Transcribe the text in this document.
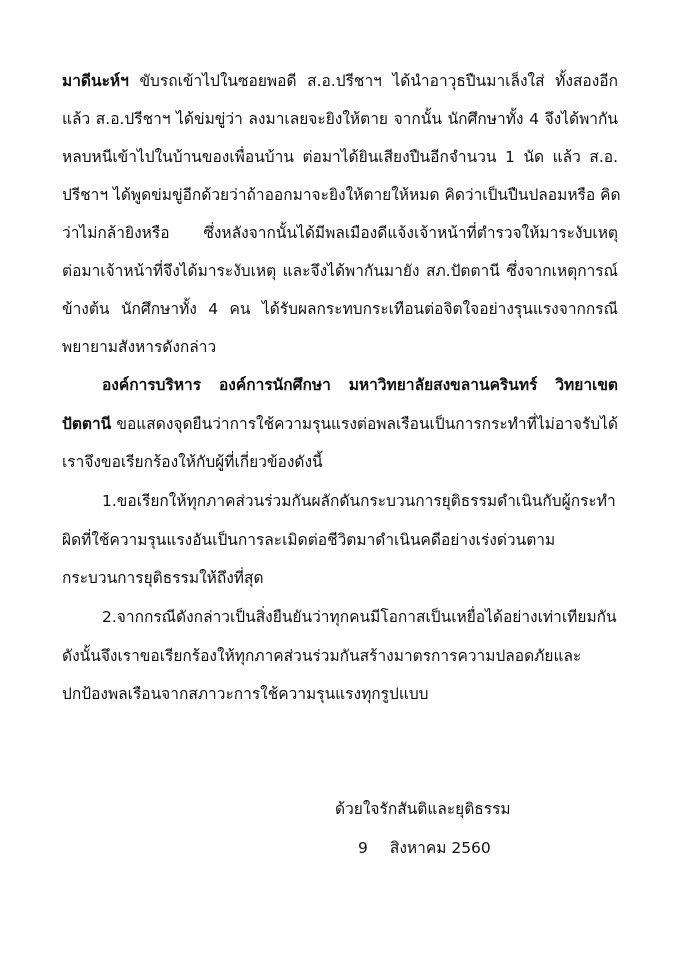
มาดีนะห์ฯ ขับรถเข้าไปในซอยพอดี ส.อ.ปรีชาฯ ได้นำอาวุธปืนมาเล็งใส่ ทั้งสองอีก
แล้ว ส.อ.ปรีชาฯ ได้ข่มขู่ว่า ลงมาเลยจะยิงให้ตาย จากนั้น นักศึกษาทั้ง 4 จึงได้พากัน
หลบหนีเข้าไปในบ้านของเพื่อนบ้าน ต่อมาได้ยินเสียงปืนอีกจำนวน 1 นัด แล้ว ส.อ.
ปรีชาฯ ได้พูดข่มขู่อีกด้วยว่าถ้าออกมาจะยิงให้ตายให้หมด คิดว่าเป็นปืนปลอมหรือ คิด
ว่าไม่กล้ายิงหรือ ซึ่งหลังจากนั้นได้มีพลเมืองดีแจ้งเจ้าหน้าที่ตำรวจให้มาระงับเหตุ
ต่อมาเจ้าหน้าที่จึงได้มาระงับเหตุ และจึงได้พากันมายัง สภ.ปัตตานี ซึ่งจากเหตุการณ์
ข้างต้น นักศึกษาทั้ง 4 คน ได้รับผลกระทบกระเทือนต่อจิตใจอย่างรุนแรงจากกรณี
พยายามสังหารดังกล่าว
องค์การบริหาร องค์การนักศึกษา มหาวิทยาลัยสงขลานครินทร์ วิทยาเขต
ปัตตานี ขอแสดงจุดยืนว่าการใช้ความรุนแรงต่อพลเรือนเป็นการกระทำที่ไม่อาจรับได้
เราจึงขอเรียกร้องให้กับผู้ที่เกี่ยวข้องดังนี้
1.ขอเรียกให้ทุกภาคส่วนร่วมกันผลักดันกระบวนการยุติธรรมดำเนินกับผู้กระทำ
ผิดที่ใช้ความรุนแรงอันเป็นการละเมิดต่อชีวิตมาดำเนินคดีอย่างเร่งด่วนตาม
กระบวนการยุติธรรมให้ถึงที่สุด
2.จากกรณีดังกล่าวเป็นสิ่งยืนยันว่าทุกคนมีโอกาสเป็นเหยื่อได้อย่างเท่าเทียมกัน
ดังนั้นจึงเราขอเรียกร้องให้ทุกภาคส่วนร่วมกันสร้างมาตรการความปลอดภัยและ
ปกป้องพลเรือนจากสภาวะการใช้ความรุนแรงทุกรูปแบบ
ด้วยใจรักสันติและยุติธรรม
9 สิงหาคม 2560
